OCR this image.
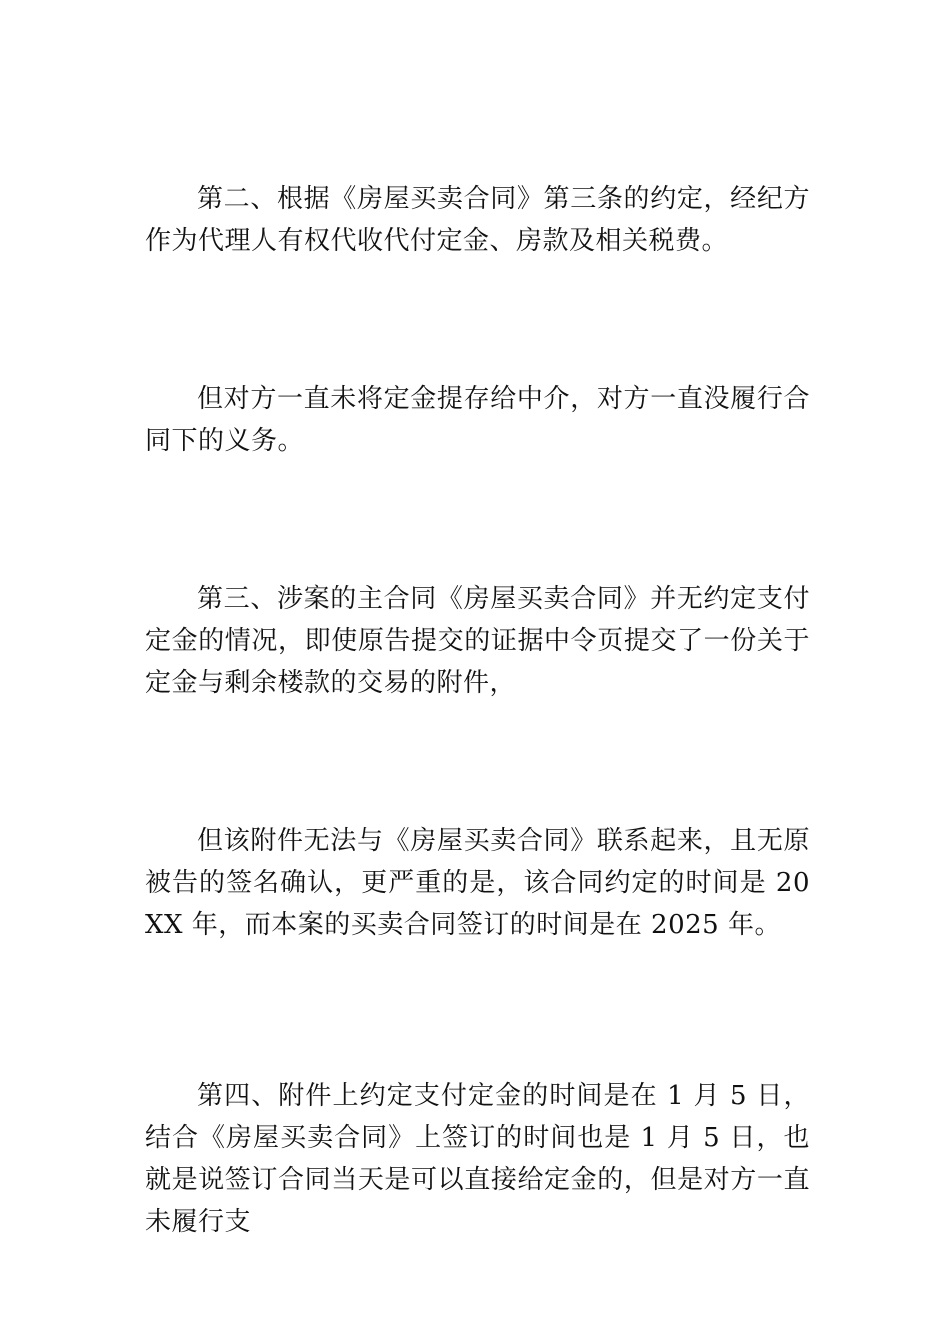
第二、根据《房屋买卖合同》第三条的约定，经纪方作为代理人有权代收代付定金、房款及相关税费。

但对方一直未将定金提存给中介，对方一直没履行合同下的义务。

第三、涉案的主合同《房屋买卖合同》并无约定支付定金的情况，即使原告提交的证据中令页提交了一份关于定金与剩余楼款的交易的附件，

但该附件无法与《房屋买卖合同》联系起来，且无原被告的签名确认，更严重的是，该合同约定的时间是 20XX 年，而本案的买卖合同签订的时间是在 2025 年。

第四、附件上约定支付定金的时间是在 1 月 5 日，结合《房屋买卖合同》上签订的时间也是 1 月 5 日，也就是说签订合同当天是可以直接给定金的，但是对方一直未履行支
